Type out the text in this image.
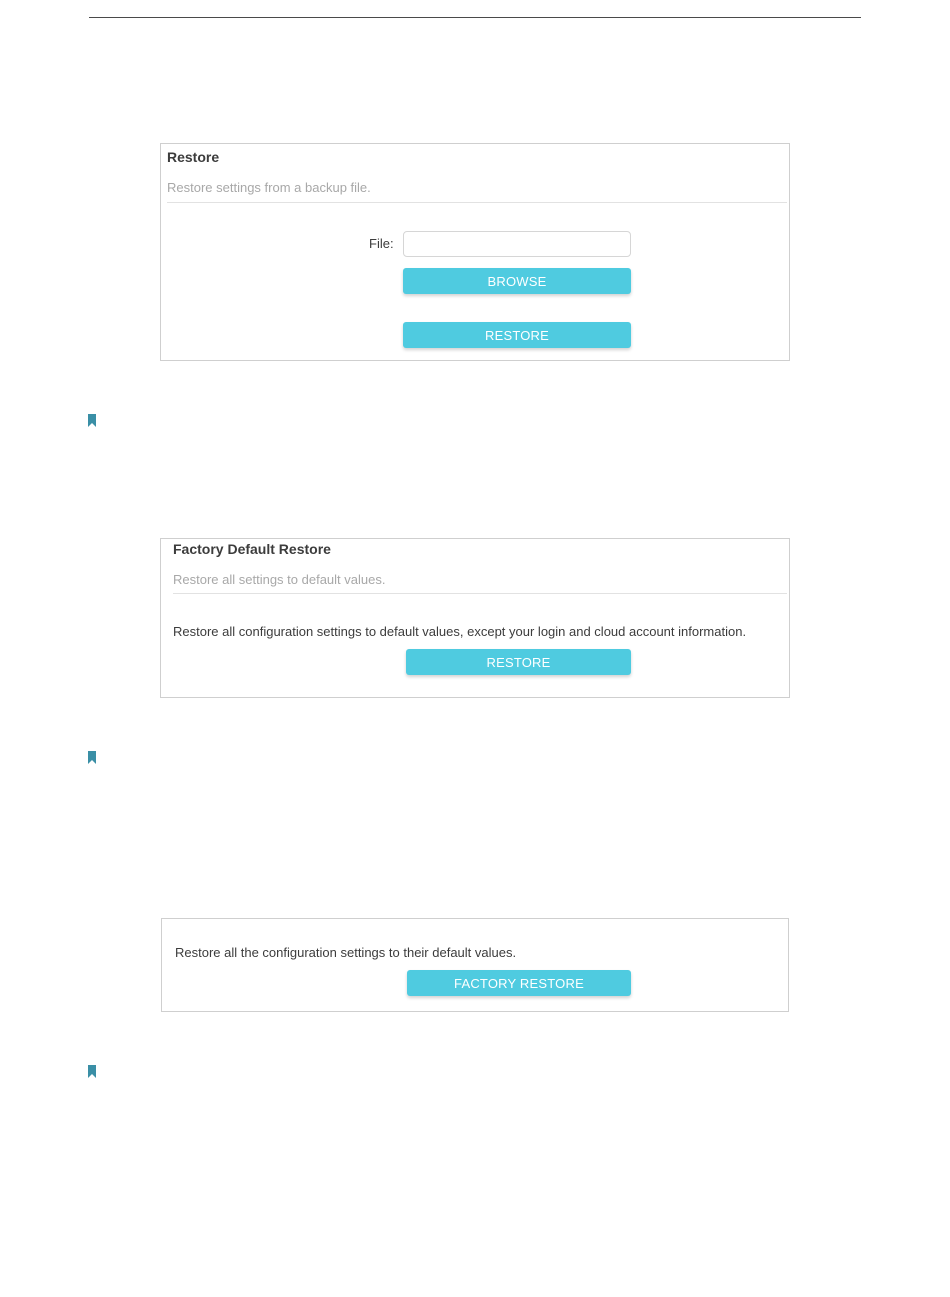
Restore
Restore settings from a backup file.
File:
BROWSE
RESTORE
Factory Default Restore
Restore all settings to default values.
Restore all configuration settings to default values, except your login and cloud account information.
RESTORE
Restore all the configuration settings to their default values.
FACTORY RESTORE
